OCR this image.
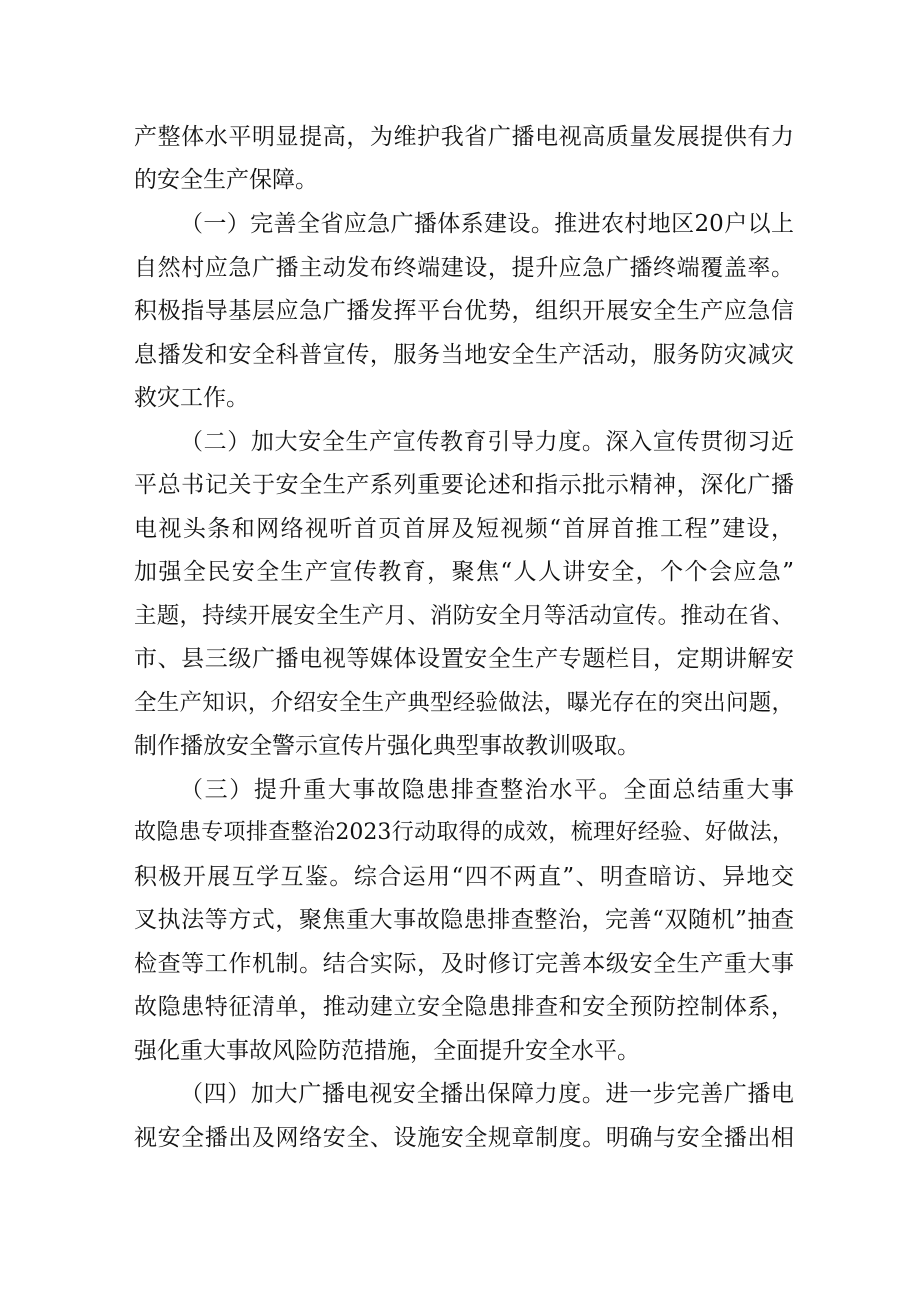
产整体水平明显提高，为维护我省广播电视高质量发展提供有力
的安全生产保障。
（一）完善全省应急广播体系建设。推进农村地区20户以上
自然村应急广播主动发布终端建设，提升应急广播终端覆盖率。
积极指导基层应急广播发挥平台优势，组织开展安全生产应急信
息播发和安全科普宣传，服务当地安全生产活动，服务防灾减灾
救灾工作。
（二）加大安全生产宣传教育引导力度。深入宣传贯彻习近
平总书记关于安全生产系列重要论述和指示批示精神，深化广播
电视头条和网络视听首页首屏及短视频“首屏首推工程”建设，
加强全民安全生产宣传教育，聚焦“人人讲安全，个个会应急”
主题，持续开展安全生产月、消防安全月等活动宣传。推动在省、
市、县三级广播电视等媒体设置安全生产专题栏目，定期讲解安
全生产知识，介绍安全生产典型经验做法，曝光存在的突出问题，
制作播放安全警示宣传片强化典型事故教训吸取。
（三）提升重大事故隐患排查整治水平。全面总结重大事
故隐患专项排查整治2023行动取得的成效，梳理好经验、好做法，
积极开展互学互鉴。综合运用“四不两直”、明查暗访、异地交
叉执法等方式，聚焦重大事故隐患排查整治，完善“双随机”抽查
检查等工作机制。结合实际，及时修订完善本级安全生产重大事
故隐患特征清单，推动建立安全隐患排查和安全预防控制体系，
强化重大事故风险防范措施，全面提升安全水平。
（四）加大广播电视安全播出保障力度。进一步完善广播电
视安全播出及网络安全、设施安全规章制度。明确与安全播出相
